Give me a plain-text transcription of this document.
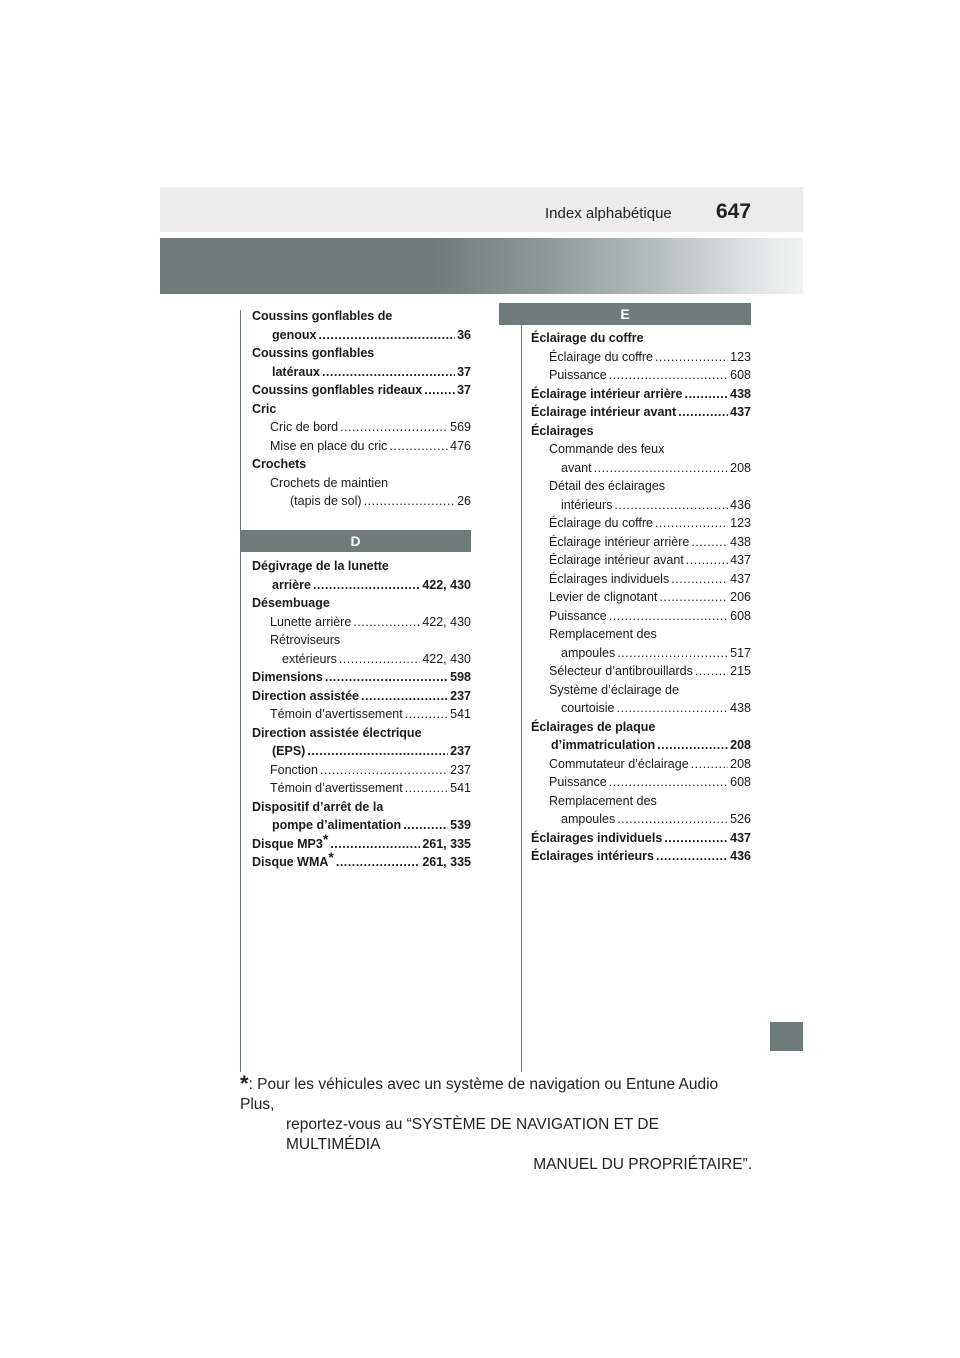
Index alphabétique 647
Coussins gonflables de
genoux .....	36
Coussins gonflables
latéraux .....	37
Coussins gonflables rideaux .....	37
Cric
Cric de bord .....	569
Mise en place du cric .....	476
Crochets
Crochets de maintien
(tapis de sol) .....	26
D
Dégivrage de la lunette
arrière .....	422, 430
Désembuage
Lunette arrière .....	422, 430
Rétroviseurs
extérieurs .....	422, 430
Dimensions .....	598
Direction assistée .....	237
Témoin d’avertissement .....	541
Direction assistée électrique
(EPS) .....	237
Fonction .....	237
Témoin d’avertissement .....	541
Dispositif d’arrêt de la
pompe d’alimentation .....	539
Disque MP3* .....	261, 335
Disque WMA* .....	261, 335
E
Éclairage du coffre
Éclairage du coffre .....	123
Puissance .....	608
Éclairage intérieur arrière .....	438
Éclairage intérieur avant .....	437
Éclairages
Commande des feux
avant .....	208
Détail des éclairages
intérieurs .....	436
Éclairage du coffre .....	123
Éclairage intérieur arrière .....	438
Éclairage intérieur avant .....	437
Éclairages individuels .....	437
Levier de clignotant .....	206
Puissance .....	608
Remplacement des
ampoules .....	517
Sélecteur d’antibrouillards .....	215
Système d’éclairage de
courtoisie .....	438
Éclairages de plaque
d’immatriculation .....	208
Commutateur d’éclairage .....	208
Puissance .....	608
Remplacement des
ampoules .....	526
Éclairages individuels .....	437
Éclairages intérieurs .....	436
*: Pour les véhicules avec un système de navigation ou Entune Audio Plus,
reportez-vous au “SYSTÈME DE NAVIGATION ET DE MULTIMÉDIA
MANUEL DU PROPRIÉTAIRE”.
